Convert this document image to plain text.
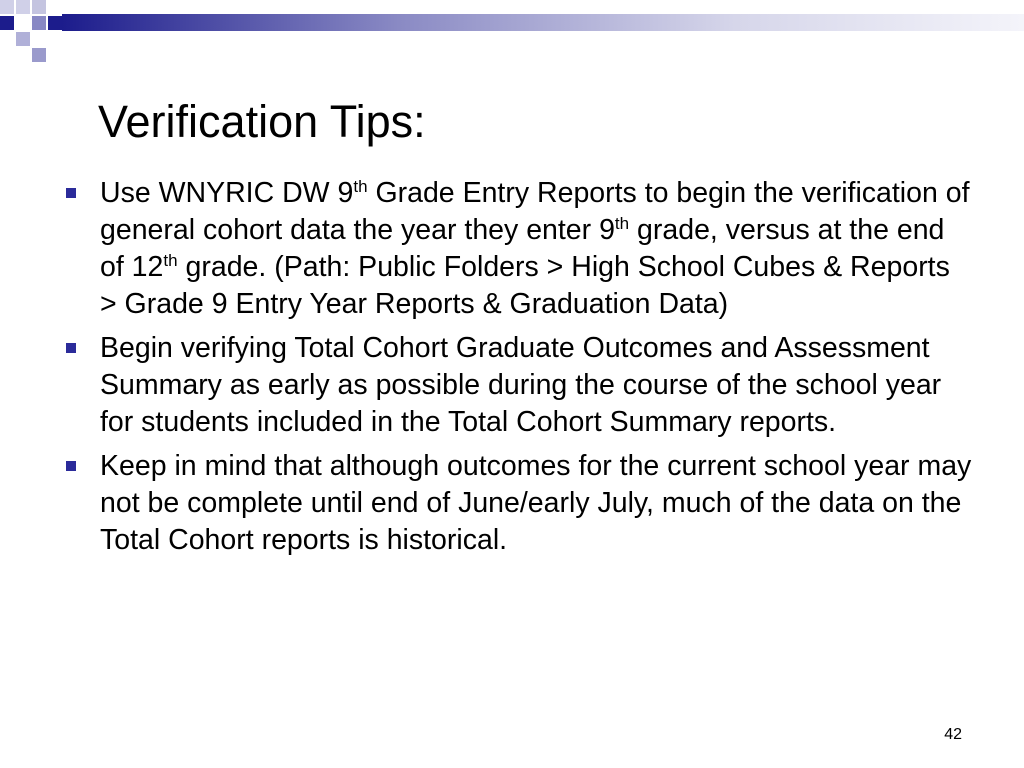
Verification Tips:
Use WNYRIC DW 9th Grade Entry Reports to begin the verification of general cohort data the year they enter 9th grade, versus at the end of 12th grade. (Path: Public Folders > High School Cubes & Reports > Grade 9 Entry Year Reports & Graduation Data)
Begin verifying Total Cohort Graduate Outcomes and Assessment Summary as early as possible during the course of the school year for students included in the Total Cohort Summary reports.
Keep in mind that although outcomes for the current school year may not be complete until end of June/early July, much of the data on the Total Cohort reports is historical.
42
